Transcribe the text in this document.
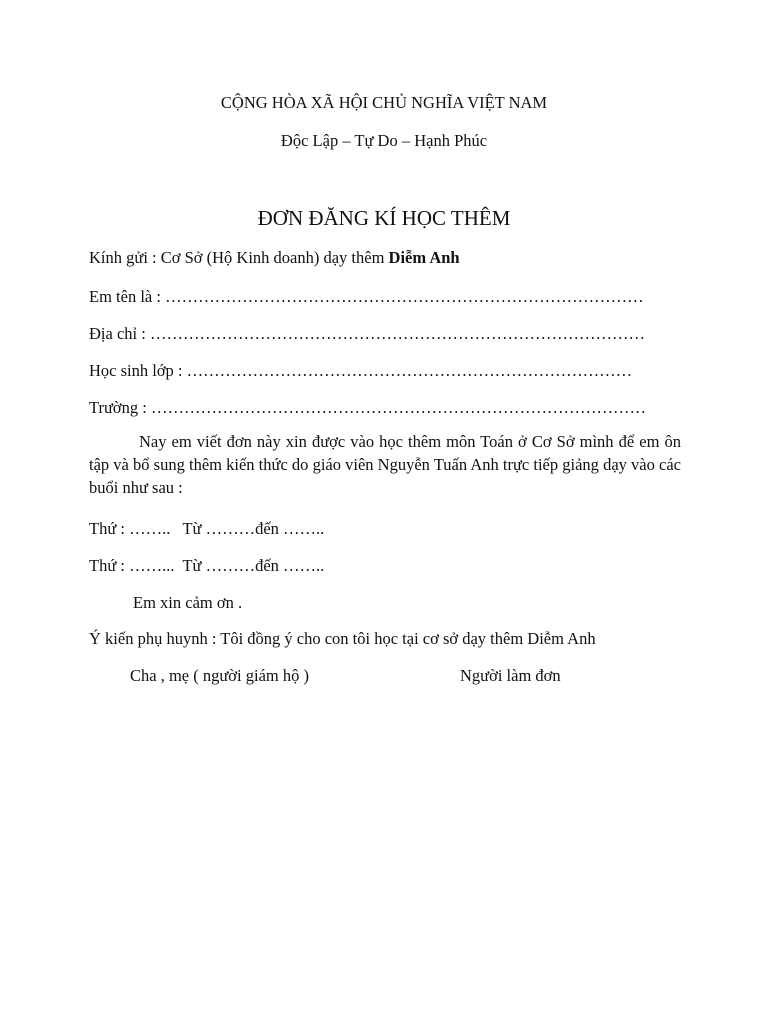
CỘNG HÒA XÃ HỘI CHỦ NGHĨA VIỆT NAM
Độc Lập – Tự Do – Hạnh Phúc
ĐƠN ĐĂNG KÍ HỌC THÊM
Kính gửi : Cơ Sở (Hộ Kinh doanh) dạy thêm Diễm Anh
Em tên là : ……………………………………………………………………………
Địa chỉ : ………………………………………………………………………………
Học sinh lớp : ………………………………………………………………………
Trường : ………………………………………………………………………………
Nay em viết đơn này xin được vào học thêm môn Toán ở Cơ Sở mình để em ôn tập và bổ sung thêm kiến thức do giáo viên Nguyễn Tuấn Anh trực tiếp giảng dạy vào các buổi như sau :
Thứ : ……..   Từ ………đến ……..
Thứ : ……...  Từ ………đến ……..
Em xin cảm ơn .
Ý kiến phụ huynh : Tôi đồng ý cho con tôi học tại cơ sở dạy thêm Diễm Anh
Cha , mẹ ( người giám hộ )	Người làm đơn
